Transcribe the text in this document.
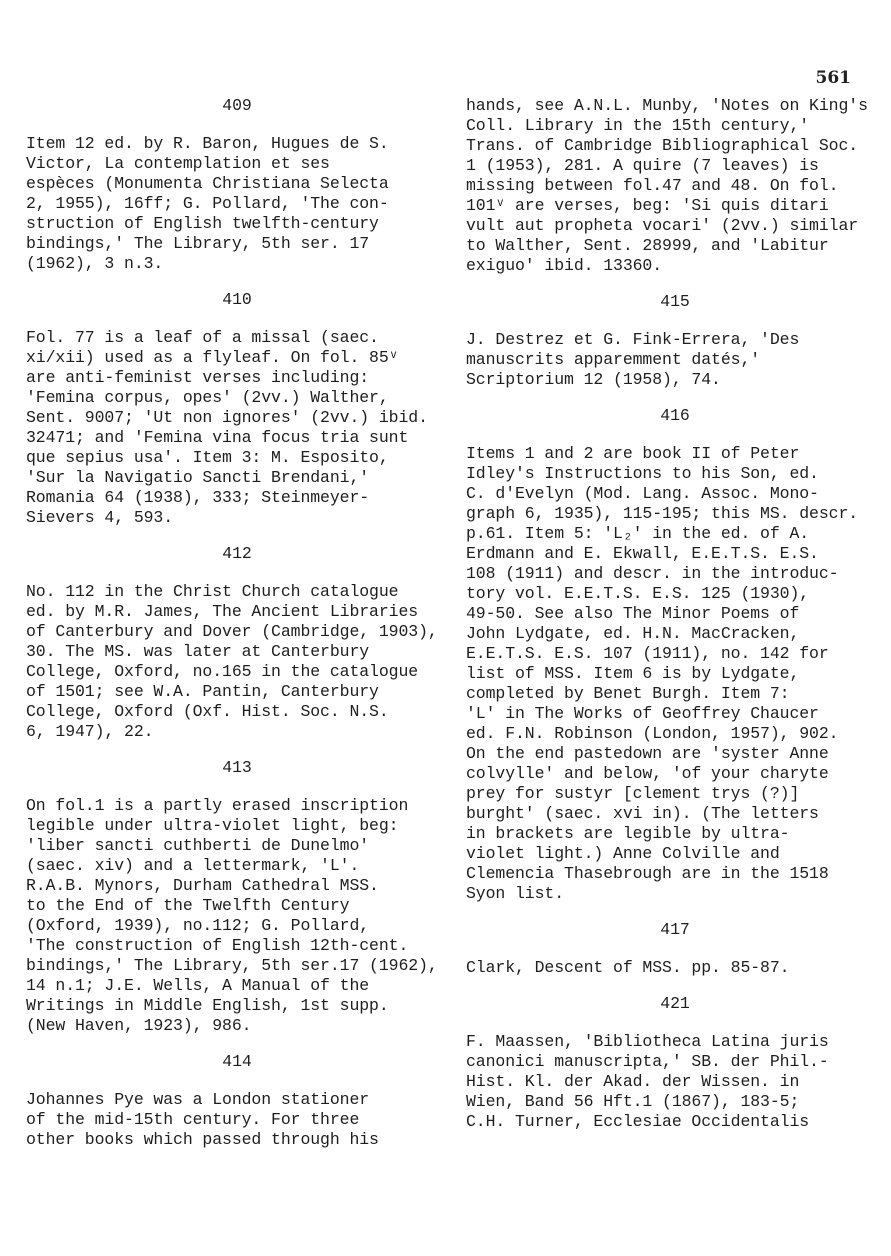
561
409
Item 12 ed. by R. Baron, Hugues de S.
Victor, La contemplation et ses
espèces (Monumenta Christiana Selecta
2, 1955), 16ff; G. Pollard, 'The con-
struction of English twelfth-century
bindings,' The Library, 5th ser. 17
(1962), 3 n.3.
410
Fol. 77 is a leaf of a missal (saec.
xi/xii) used as a flyleaf. On fol. 85ᵛ
are anti-feminist verses including:
'Femina corpus, opes' (2vv.) Walther,
Sent. 9007; 'Ut non ignores' (2vv.) ibid.
32471; and 'Femina vina focus tria sunt
que sepius usa'. Item 3: M. Esposito,
'Sur la Navigatio Sancti Brendani,'
Romania 64 (1938), 333; Steinmeyer-
Sievers 4, 593.
412
No. 112 in the Christ Church catalogue
ed. by M.R. James, The Ancient Libraries
of Canterbury and Dover (Cambridge, 1903),
30. The MS. was later at Canterbury
College, Oxford, no.165 in the catalogue
of 1501; see W.A. Pantin, Canterbury
College, Oxford (Oxf. Hist. Soc. N.S.
6, 1947), 22.
413
On fol.1 is a partly erased inscription
legible under ultra-violet light, beg:
'liber sancti cuthberti de Dunelmo'
(saec. xiv) and a lettermark, 'L'.
R.A.B. Mynors, Durham Cathedral MSS.
to the End of the Twelfth Century
(Oxford, 1939), no.112; G. Pollard,
'The construction of English 12th-cent.
bindings,' The Library, 5th ser.17 (1962),
14 n.1; J.E. Wells, A Manual of the
Writings in Middle English, 1st supp.
(New Haven, 1923), 986.
414
Johannes Pye was a London stationer
of the mid-15th century. For three
other books which passed through his
hands, see A.N.L. Munby, 'Notes on King's
Coll. Library in the 15th century,'
Trans. of Cambridge Bibliographical Soc.
1 (1953), 281. A quire (7 leaves) is
missing between fol.47 and 48. On fol.
101ᵛ are verses, beg: 'Si quis ditari
vult aut propheta vocari' (2vv.) similar
to Walther, Sent. 28999, and 'Labitur
exiguo' ibid. 13360.
415
J. Destrez et G. Fink-Errera, 'Des
manuscrits apparemment datés,'
Scriptorium 12 (1958), 74.
416
Items 1 and 2 are book II of Peter
Idley's Instructions to his Son, ed.
C. d'Evelyn (Mod. Lang. Assoc. Mono-
graph 6, 1935), 115-195; this MS. descr.
p.61. Item 5: 'L₂' in the ed. of A.
Erdmann and E. Ekwall, E.E.T.S. E.S.
108 (1911) and descr. in the introduc-
tory vol. E.E.T.S. E.S. 125 (1930),
49-50. See also The Minor Poems of
John Lydgate, ed. H.N. MacCracken,
E.E.T.S. E.S. 107 (1911), no. 142 for
list of MSS. Item 6 is by Lydgate,
completed by Benet Burgh. Item 7:
'L' in The Works of Geoffrey Chaucer
ed. F.N. Robinson (London, 1957), 902.
On the end pastedown are 'syster Anne
colvylle' and below, 'of your charyte
prey for sustyr [clement trys (?)]
burght' (saec. xvi in). (The letters
in brackets are legible by ultra-
violet light.) Anne Colville and
Clemencia Thasebrough are in the 1518
Syon list.
417
Clark, Descent of MSS. pp. 85-87.
421
F. Maassen, 'Bibliotheca Latina juris
canonici manuscripta,' SB. der Phil.-
Hist. Kl. der Akad. der Wissen. in
Wien, Band 56 Hft.1 (1867), 183-5;
C.H. Turner, Ecclesiae Occidentalis
